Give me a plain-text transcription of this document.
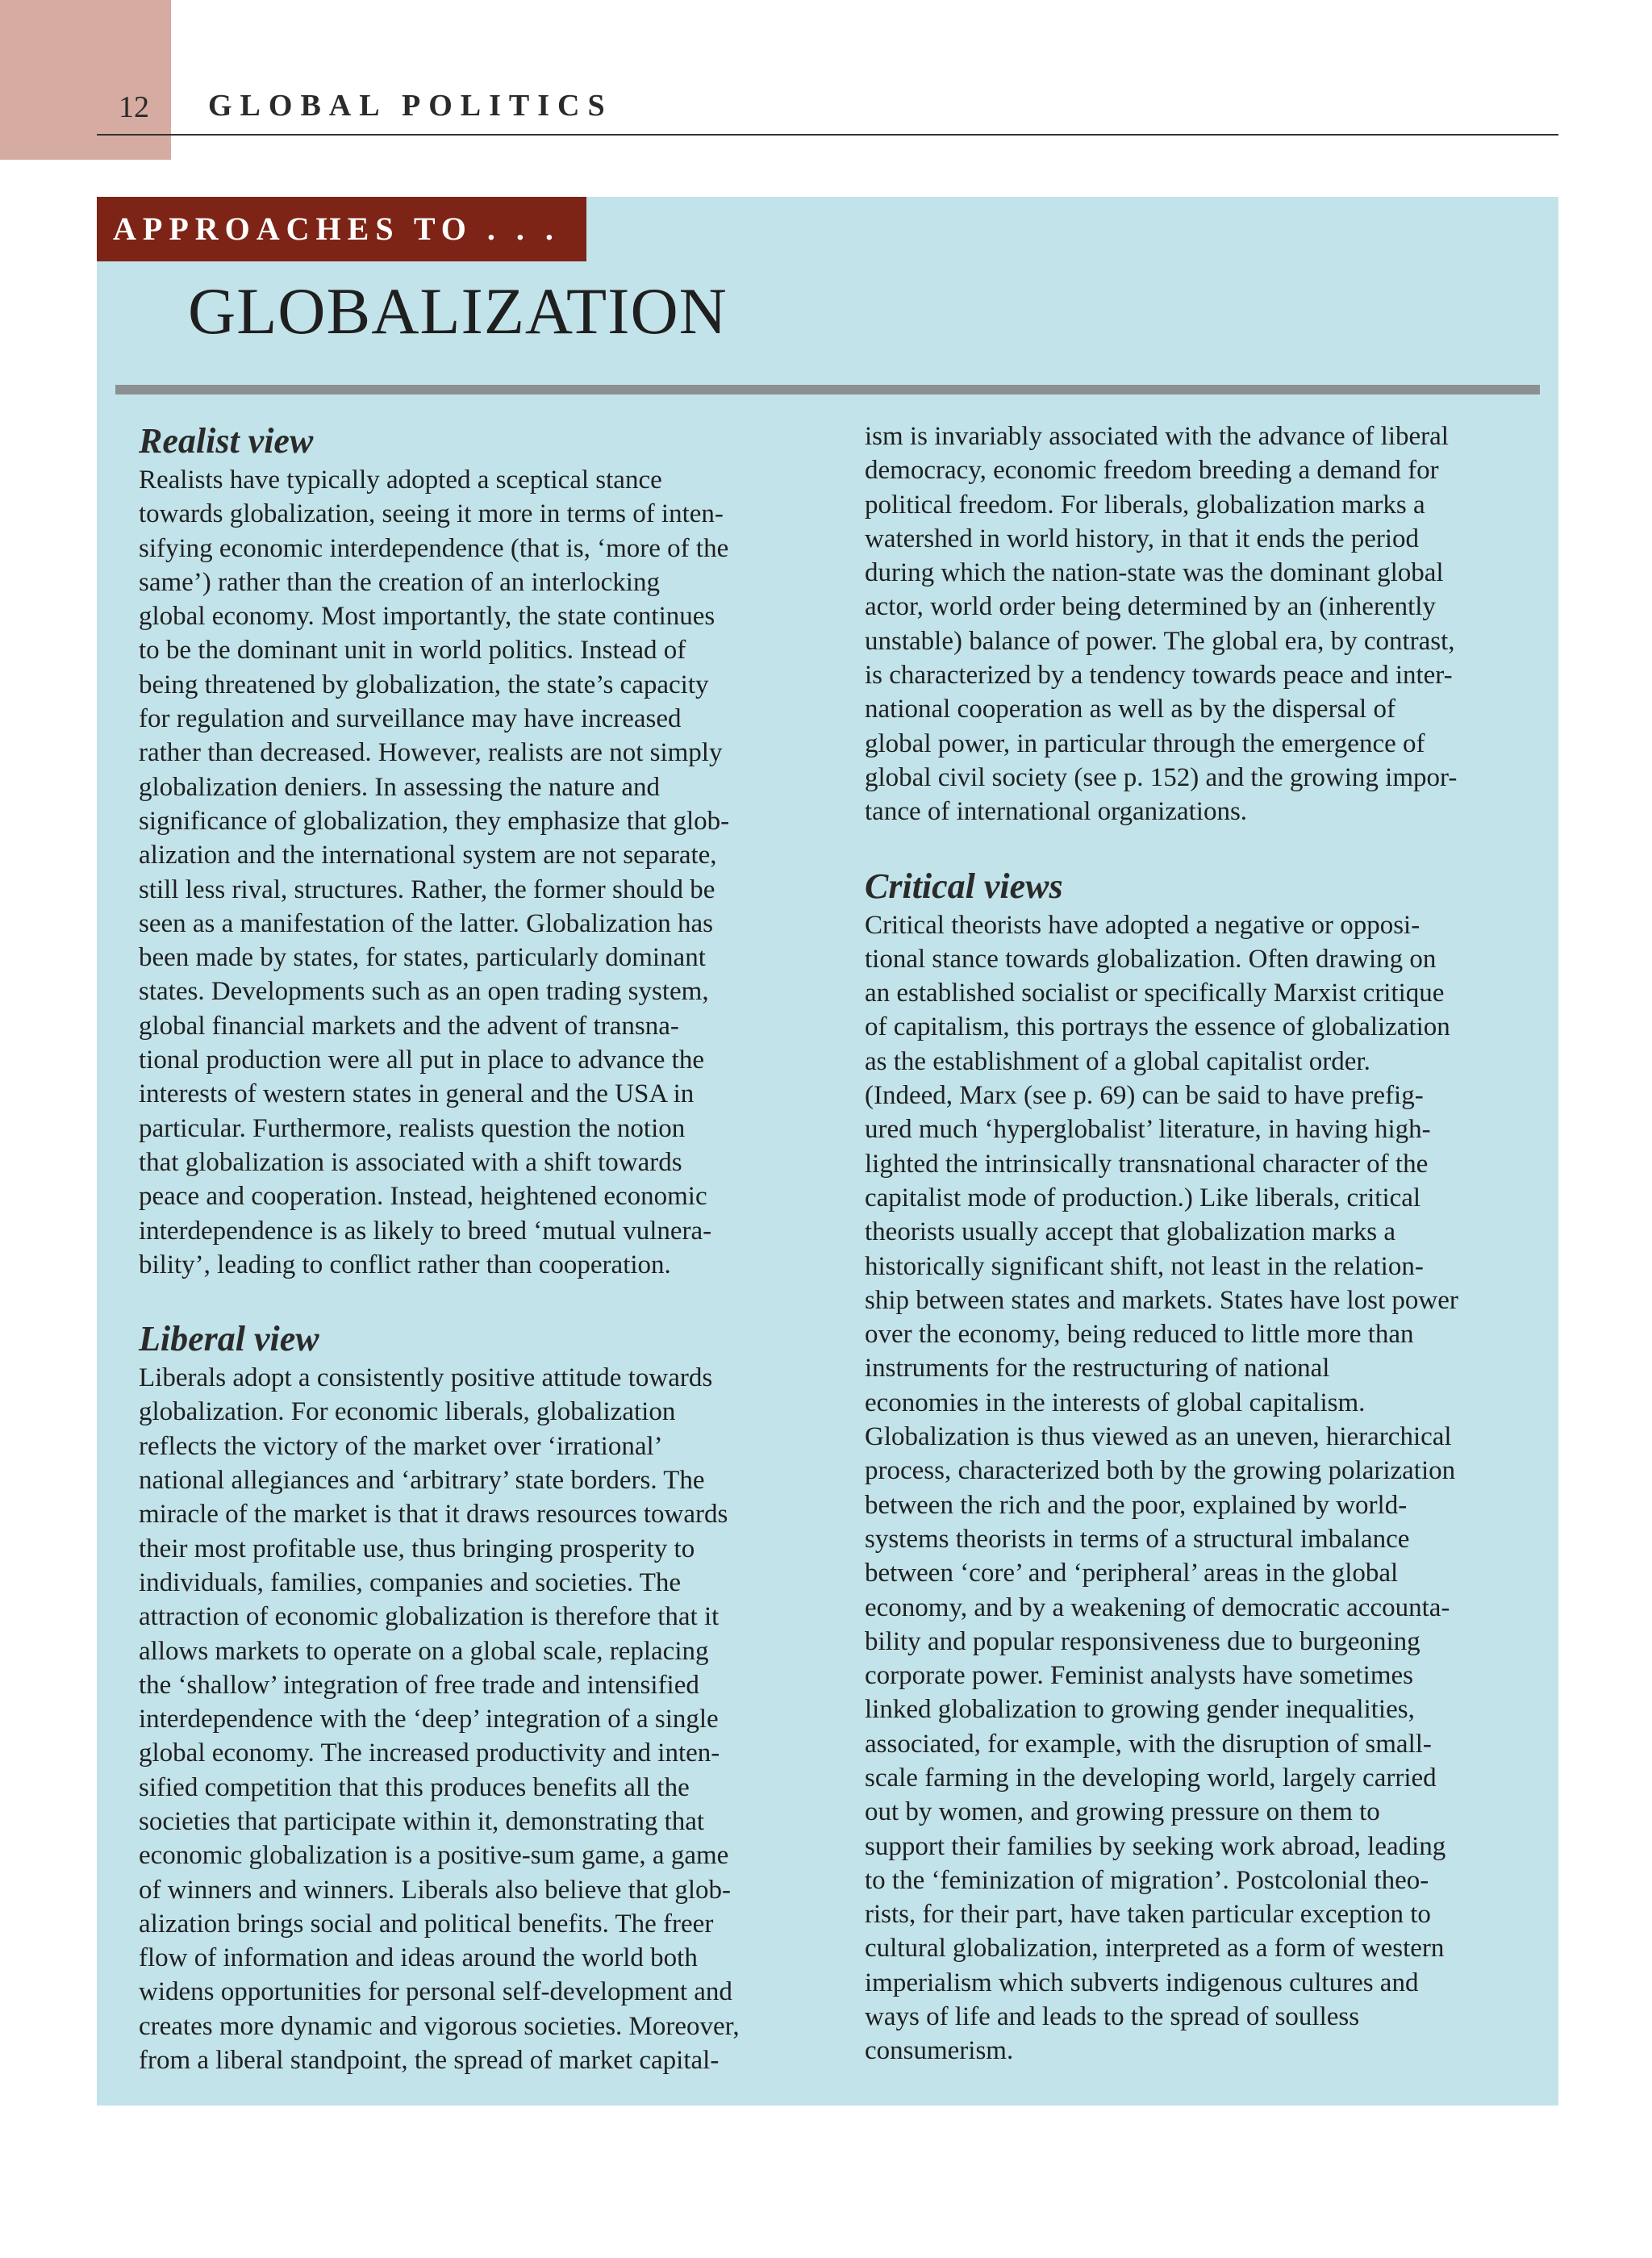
12 GLOBAL POLITICS
APPROACHES TO . . .
GLOBALIZATION
Realist view
Realists have typically adopted a sceptical stance
towards globalization, seeing it more in terms of inten-
sifying economic interdependence (that is, ‘more of the
same’) rather than the creation of an interlocking
global economy. Most importantly, the state continues
to be the dominant unit in world politics. Instead of
being threatened by globalization, the state’s capacity
for regulation and surveillance may have increased
rather than decreased. However, realists are not simply
globalization deniers. In assessing the nature and
significance of globalization, they emphasize that glob-
alization and the international system are not separate,
still less rival, structures. Rather, the former should be
seen as a manifestation of the latter. Globalization has
been made by states, for states, particularly dominant
states. Developments such as an open trading system,
global financial markets and the advent of transna-
tional production were all put in place to advance the
interests of western states in general and the USA in
particular. Furthermore, realists question the notion
that globalization is associated with a shift towards
peace and cooperation. Instead, heightened economic
interdependence is as likely to breed ‘mutual vulnera-
bility’, leading to conflict rather than cooperation.
Liberal view
Liberals adopt a consistently positive attitude towards
globalization. For economic liberals, globalization
reflects the victory of the market over ‘irrational’
national allegiances and ‘arbitrary’ state borders. The
miracle of the market is that it draws resources towards
their most profitable use, thus bringing prosperity to
individuals, families, companies and societies. The
attraction of economic globalization is therefore that it
allows markets to operate on a global scale, replacing
the ‘shallow’ integration of free trade and intensified
interdependence with the ‘deep’ integration of a single
global economy. The increased productivity and inten-
sified competition that this produces benefits all the
societies that participate within it, demonstrating that
economic globalization is a positive-sum game, a game
of winners and winners. Liberals also believe that glob-
alization brings social and political benefits. The freer
flow of information and ideas around the world both
widens opportunities for personal self-development and
creates more dynamic and vigorous societies. Moreover,
from a liberal standpoint, the spread of market capital-
ism is invariably associated with the advance of liberal
democracy, economic freedom breeding a demand for
political freedom. For liberals, globalization marks a
watershed in world history, in that it ends the period
during which the nation-state was the dominant global
actor, world order being determined by an (inherently
unstable) balance of power. The global era, by contrast,
is characterized by a tendency towards peace and inter-
national cooperation as well as by the dispersal of
global power, in particular through the emergence of
global civil society (see p. 152) and the growing impor-
tance of international organizations.
Critical views
Critical theorists have adopted a negative or opposi-
tional stance towards globalization. Often drawing on
an established socialist or specifically Marxist critique
of capitalism, this portrays the essence of globalization
as the establishment of a global capitalist order.
(Indeed, Marx (see p. 69) can be said to have prefig-
ured much ‘hyperglobalist’ literature, in having high-
lighted the intrinsically transnational character of the
capitalist mode of production.) Like liberals, critical
theorists usually accept that globalization marks a
historically significant shift, not least in the relation-
ship between states and markets. States have lost power
over the economy, being reduced to little more than
instruments for the restructuring of national
economies in the interests of global capitalism.
Globalization is thus viewed as an uneven, hierarchical
process, characterized both by the growing polarization
between the rich and the poor, explained by world-
systems theorists in terms of a structural imbalance
between ‘core’ and ‘peripheral’ areas in the global
economy, and by a weakening of democratic accounta-
bility and popular responsiveness due to burgeoning
corporate power. Feminist analysts have sometimes
linked globalization to growing gender inequalities,
associated, for example, with the disruption of small-
scale farming in the developing world, largely carried
out by women, and growing pressure on them to
support their families by seeking work abroad, leading
to the ‘feminization of migration’. Postcolonial theo-
rists, for their part, have taken particular exception to
cultural globalization, interpreted as a form of western
imperialism which subverts indigenous cultures and
ways of life and leads to the spread of soulless
consumerism.
